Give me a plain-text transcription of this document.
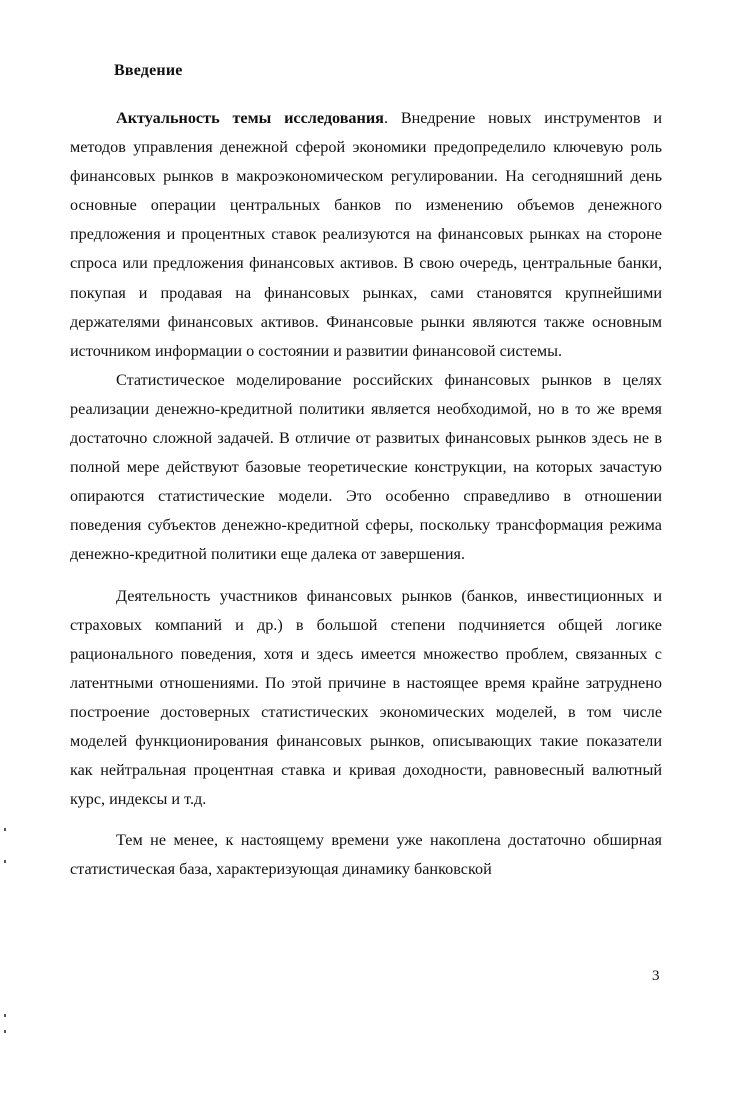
Введение

Актуальность темы исследования. Внедрение новых инструментов и методов управления денежной сферой экономики предопределило ключевую роль финансовых рынков в макроэкономическом регулировании. На сегодняшний день основные операции центральных банков по изменению объемов денежного предложения и процентных ставок реализуются на финансовых рынках на стороне спроса или предложения финансовых активов. В свою очередь, центральные банки, покупая и продавая на финансовых рынках, сами становятся крупнейшими держателями финансовых активов. Финансовые рынки являются также основным источником информации о состоянии и развитии финансовой системы.

Статистическое моделирование российских финансовых рынков в целях реализации денежно-кредитной политики является необходимой, но в то же время достаточно сложной задачей. В отличие от развитых финансовых рынков здесь не в полной мере действуют базовые теоретические конструкции, на которых зачастую опираются статистические модели. Это особенно справедливо в отношении поведения субъектов денежно-кредитной сферы, поскольку трансформация режима денежно-кредитной политики еще далека от завершения.

Деятельность участников финансовых рынков (банков, инвестиционных и страховых компаний и др.) в большой степени подчиняется общей логике рационального поведения, хотя и здесь имеется множество проблем, связанных с латентными отношениями. По этой причине в настоящее время крайне затруднено построение достоверных статистических экономических моделей, в том числе моделей функционирования финансовых рынков, описывающих такие показатели как нейтральная процентная ставка и кривая доходности, равновесный валютный курс, индексы и т.д.

Тем не менее, к настоящему времени уже накоплена достаточно обширная статистическая база, характеризующая динамику банковской

3
